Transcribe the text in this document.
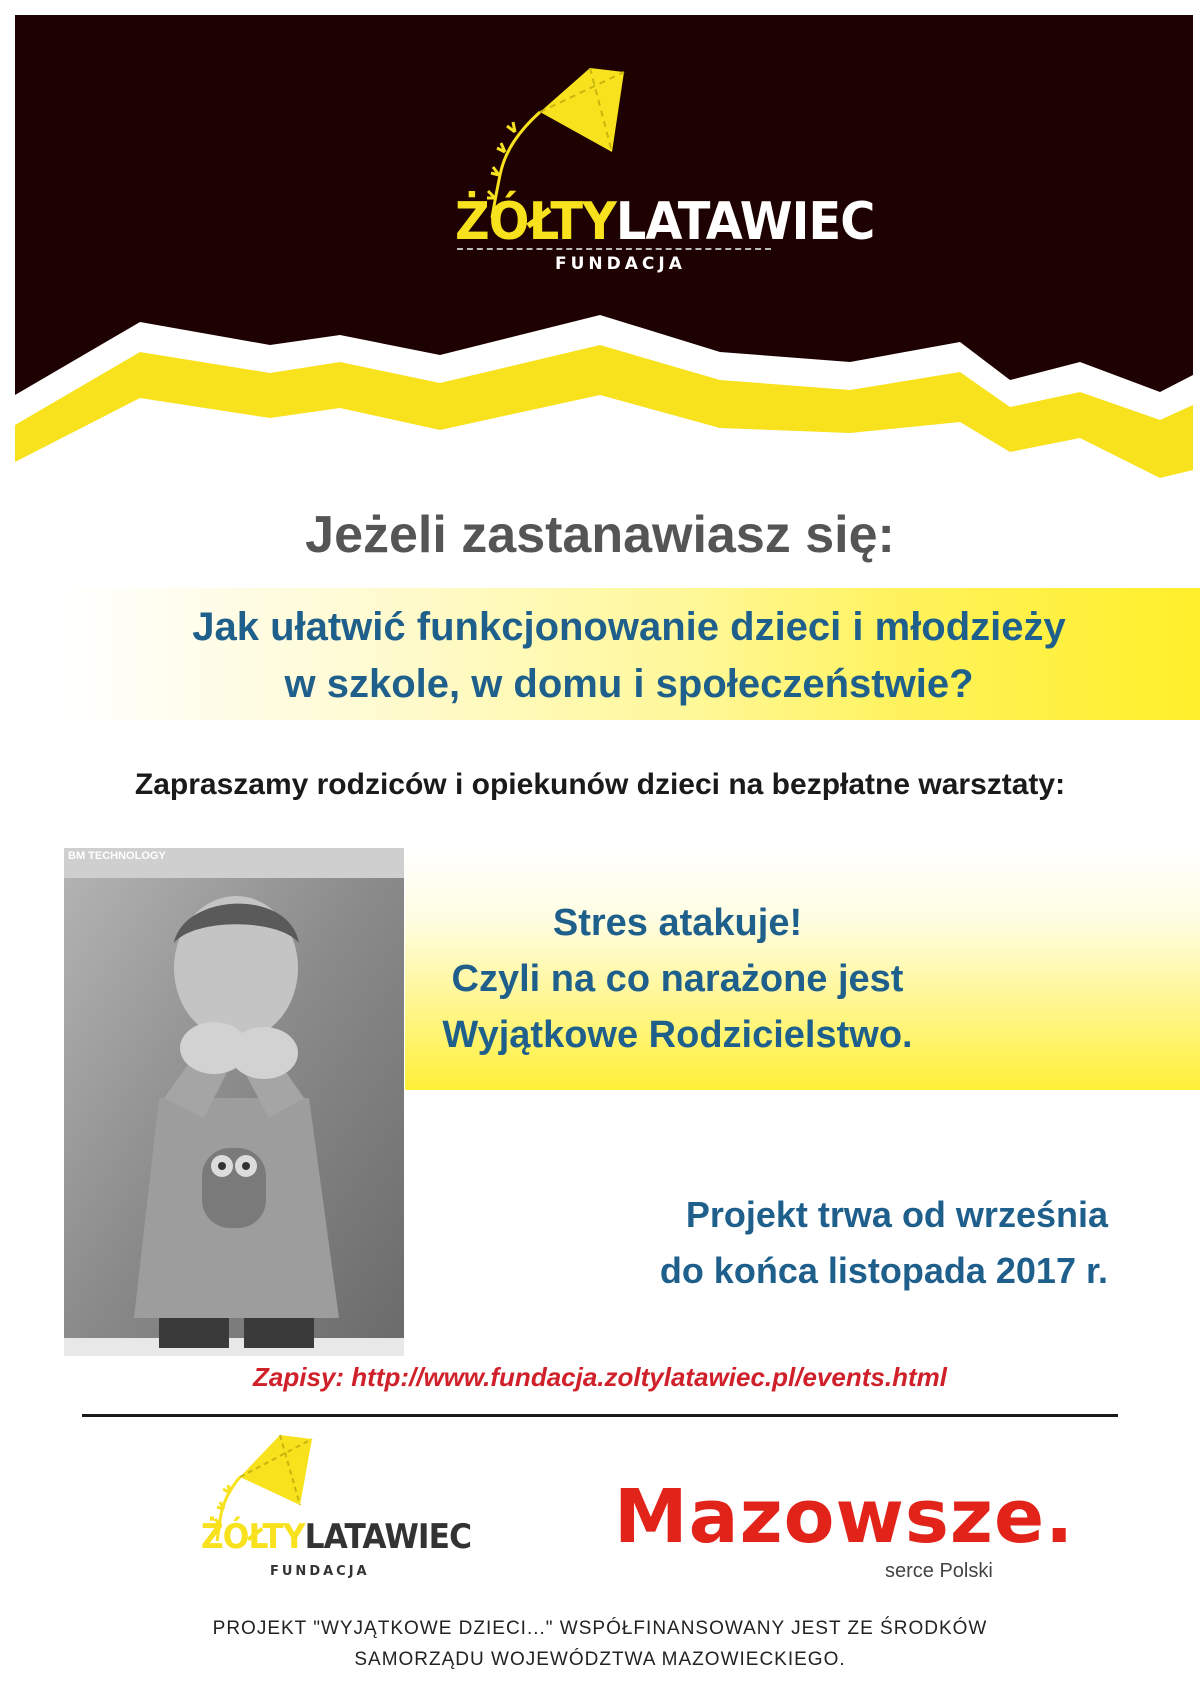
ŻÓŁTYLATAWIEC
FUNDACJA
Jeżeli zastanawiasz się:
Jak ułatwić funkcjonowanie dzieci i młodzieży
w szkole, w domu i społeczeństwie?
Zapraszamy rodziców i opiekunów dzieci na bezpłatne warsztaty:
BM TECHNOLOGY
Stres atakuje!
Czyli na co narażone jest
Wyjątkowe Rodzicielstwo.
Projekt trwa od września
do końca listopada 2017 r.
Zapisy: http://www.fundacja.zoltylatawiec.pl/events.html
ŻÓŁTYLATAWIEC
FUNDACJA
Mazowsze.
serce Polski
PROJEKT "WYJĄTKOWE DZIECI..." WSPÓŁFINANSOWANY JEST ZE ŚRODKÓW
SAMORZĄDU WOJEWÓDZTWA MAZOWIECKIEGO.
